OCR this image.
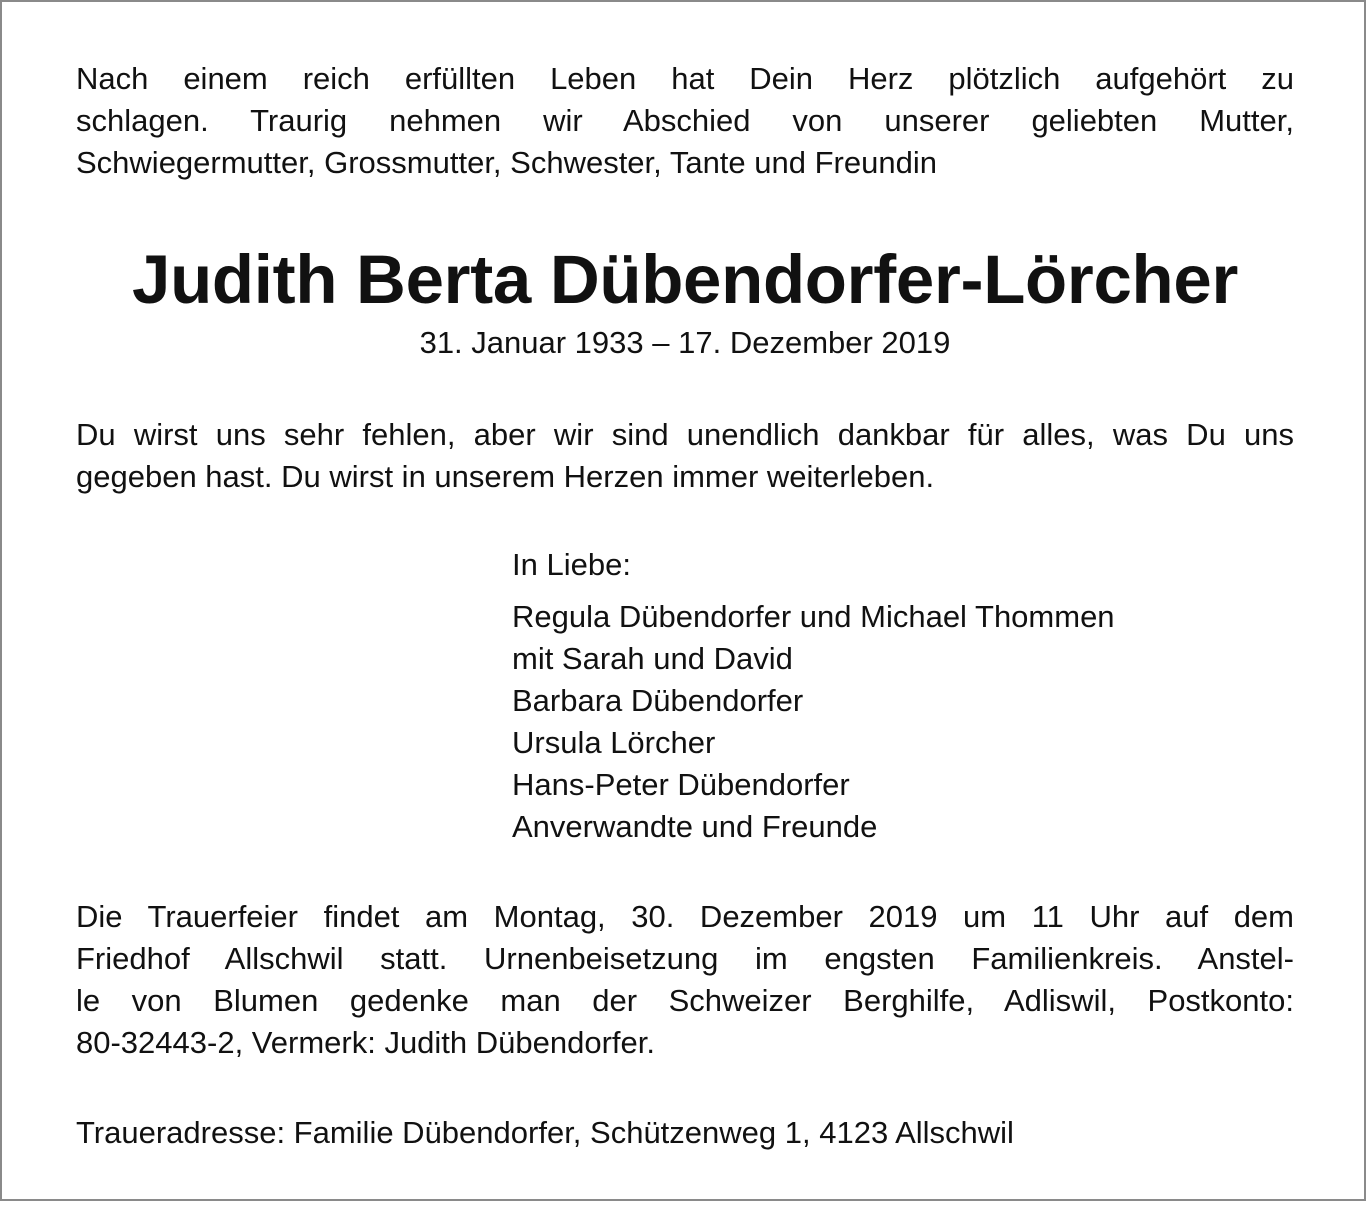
Nach einem reich erfüllten Leben hat Dein Herz plötzlich aufgehört zu
schlagen. Traurig nehmen wir Abschied von unserer geliebten Mutter,
Schwiegermutter, Grossmutter, Schwester, Tante und Freundin
Judith Berta Dübendorfer-Lörcher
31. Januar 1933 – 17. Dezember 2019
Du wirst uns sehr fehlen, aber wir sind unendlich dankbar für alles, was Du uns
gegeben hast. Du wirst in unserem Herzen immer weiterleben.
In Liebe:
Regula Dübendorfer und Michael Thommen
mit Sarah und David
Barbara Dübendorfer
Ursula Lörcher
Hans-Peter Dübendorfer
Anverwandte und Freunde
Die Trauerfeier findet am Montag, 30. Dezember 2019 um 11 Uhr auf dem
Friedhof Allschwil statt. Urnenbeisetzung im engsten Familienkreis. Anstel-
le von Blumen gedenke man der Schweizer Berghilfe, Adliswil, Postkonto:
80-32443-2, Vermerk: Judith Dübendorfer.
Traueradresse: Familie Dübendorfer, Schützenweg 1, 4123 Allschwil
